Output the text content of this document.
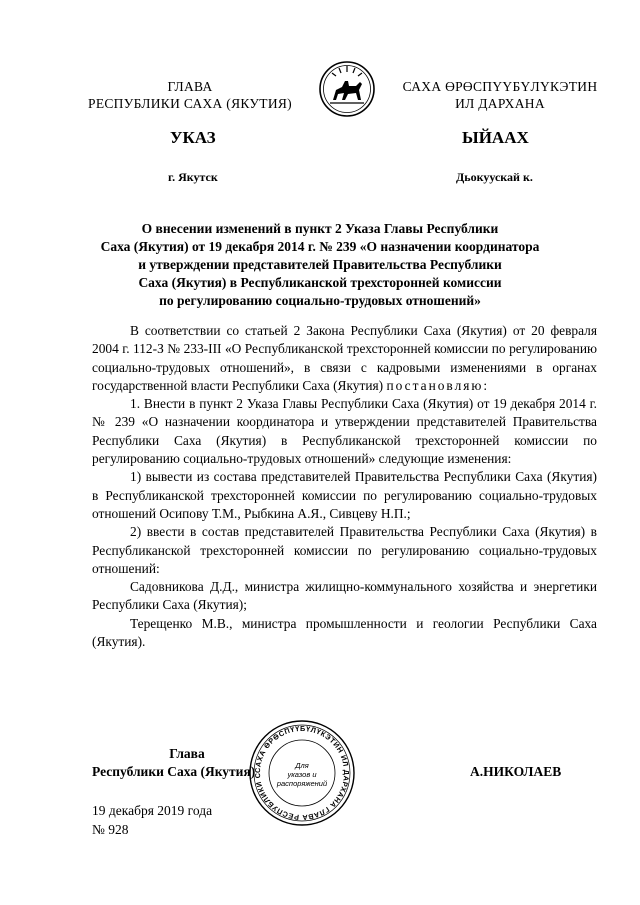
ГЛАВА
РЕСПУБЛИКИ САХА (ЯКУТИЯ)
САХА ӨРӨСПҮҮБҮЛҮКЭТИН
ИЛ ДАРХАНА
УКАЗ	ЫЙААХ
г. Якутск	Дьокуускай к.
О внесении изменений в пункт 2 Указа Главы Республики
Саха (Якутия) от 19 декабря 2014 г. № 239 «О назначении координатора
и утверждении представителей Правительства Республики
Саха (Якутия) в Республиканской трехсторонней комиссии
по регулированию социально-трудовых отношений»

В соответствии со статьей 2 Закона Республики Саха (Якутия) от 20 февраля 2004 г. 112-З № 233-III «О Республиканской трехсторонней комиссии по регулированию социально-трудовых отношений», в связи с кадровыми изменениями в органах государственной власти Республики Саха (Якутия) постановляю:

1. Внести в пункт 2 Указа Главы Республики Саха (Якутия) от 19 декабря 2014 г. № 239 «О назначении координатора и утверждении представителей Правительства Республики Саха (Якутия) в Республиканской трехсторонней комиссии по регулированию социально-трудовых отношений» следующие изменения:

1) вывести из состава представителей Правительства Республики Саха (Якутия) в Республиканской трехсторонней комиссии по регулированию социально-трудовых отношений Осипову Т.М., Рыбкина А.Я., Сивцеву Н.П.;

2) ввести в состав представителей Правительства Республики Саха (Якутия) в Республиканской трехсторонней комиссии по регулированию социально-трудовых отношений:

Садовникова Д.Д., министра жилищно-коммунального хозяйства и энергетики Республики Саха (Якутия);

Терещенко М.В., министра промышленности и геологии Республики Саха (Якутия).

САХА ӨРӨСПҮҮБҮЛҮКЭТИН ИЛ ДАРХАНА ГЛАВА РЕСПУБЛИКИ С
Для
указов и
распоряжений
Глава
Республики Саха (Якутия)	А.НИКОЛАЕВ
19 декабря 2019 года
№ 928
